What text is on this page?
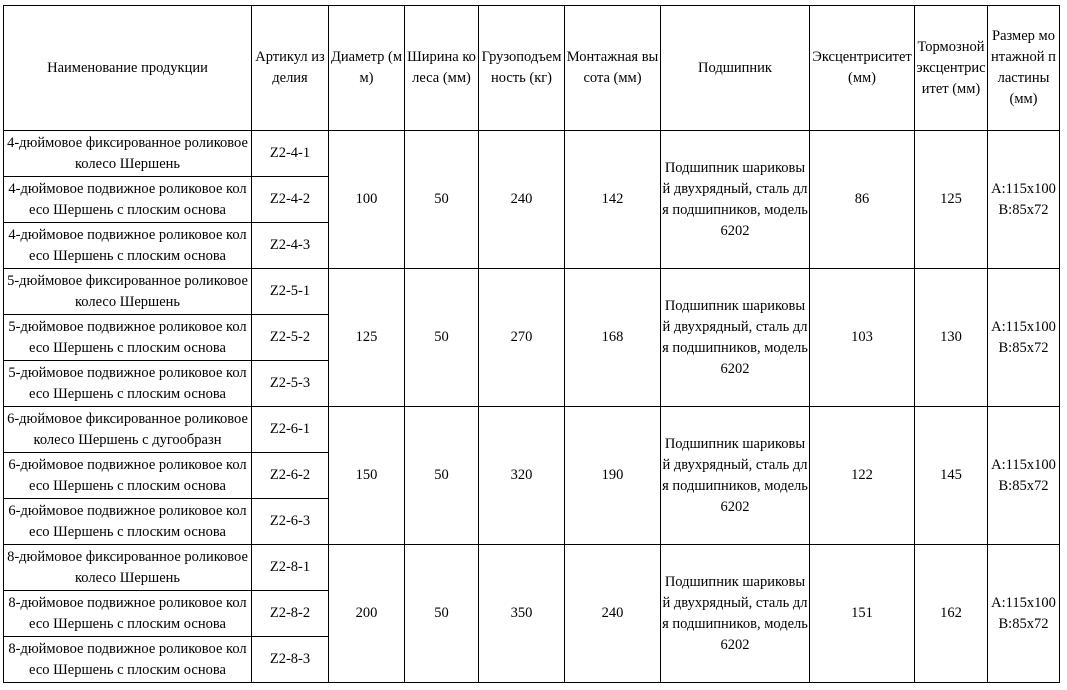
Наименование продукции	Артикул изделия	Диаметр (мм)	Ширина колеса (мм)	Грузоподъемность (кг)	Монтажная высота (мм)	Подшипник	Эксцентриситет (мм)	Тормозной эксцентриситет (мм)	Размер монтажной пластины (мм)
4-дюймовое фиксированное роликовое колесо Шершень	Z2-4-1	100	50	240	142	Подшипник шариковый двухрядный, сталь для подшипников, модель 6202	86	125	A:115x100B:85x72
4-дюймовое подвижное роликовое колесо Шершень с плоским основа	Z2-4-2								
4-дюймовое подвижное роликовое колесо Шершень с плоским основа	Z2-4-3								
5-дюймовое фиксированное роликовое колесо Шершень	Z2-5-1	125	50	270	168	Подшипник шариковый двухрядный, сталь для подшипников, модель 6202	103	130	A:115x100B:85x72
5-дюймовое подвижное роликовое колесо Шершень с плоским основа	Z2-5-2								
5-дюймовое подвижное роликовое колесо Шершень с плоским основа	Z2-5-3								
6-дюймовое фиксированное роликовое колесо Шершень с дугообразн	Z2-6-1	150	50	320	190	Подшипник шариковый двухрядный, сталь для подшипников, модель 6202	122	145	A:115x100B:85x72
6-дюймовое подвижное роликовое колесо Шершень с плоским основа	Z2-6-2								
6-дюймовое подвижное роликовое колесо Шершень с плоским основа	Z2-6-3								
8-дюймовое фиксированное роликовое колесо Шершень	Z2-8-1	200	50	350	240	Подшипник шариковый двухрядный, сталь для подшипников, модель 6202	151	162	A:115x100B:85x72
8-дюймовое подвижное роликовое колесо Шершень с плоским основа	Z2-8-2								
8-дюймовое подвижное роликовое колесо Шершень с плоским основа	Z2-8-3								
